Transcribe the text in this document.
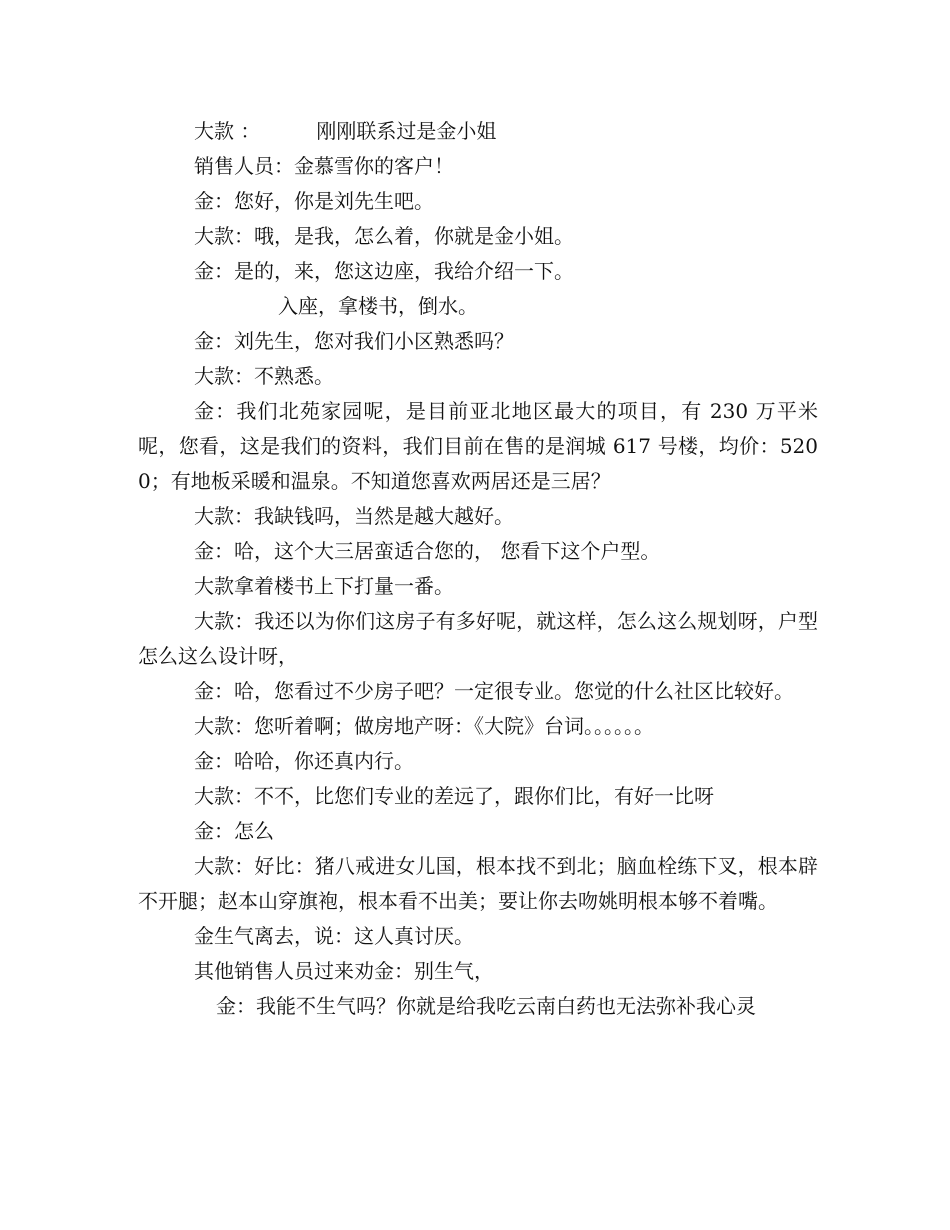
大款 ：	刚刚联系过是金小姐

销售人员：金慕雪你的客户！

金：您好，你是刘先生吧。

大款：哦，是我，怎么着，你就是金小姐。

金：是的，来，您这边座，我给介绍一下。

入座，拿楼书，倒水。

金：刘先生，您对我们小区熟悉吗？

大款：不熟悉。

金：我们北苑家园呢，是目前亚北地区最大的项目，有 230 万平米呢，您看，这是我们的资料，我们目前在售的是润城 617 号楼，均价：5200；有地板采暖和温泉。不知道您喜欢两居还是三居？

大款：我缺钱吗，当然是越大越好。

金：哈，这个大三居蛮适合您的， 您看下这个户型。

大款拿着楼书上下打量一番。

大款：我还以为你们这房子有多好呢，就这样，怎么这么规划呀，户型怎么这么设计呀，

金：哈，您看过不少房子吧？一定很专业。您觉的什么社区比较好。

大款：您听着啊；做房地产呀：《大院》台词。。。。。。

金：哈哈，你还真内行。

大款：不不，比您们专业的差远了，跟你们比，有好一比呀

金：怎么

大款：好比：猪八戒进女儿国，根本找不到北；脑血栓练下叉，根本辟不开腿；赵本山穿旗袍，根本看不出美；要让你去吻姚明根本够不着嘴。

金生气离去，说：这人真讨厌。

其他销售人员过来劝金：别生气，

金：我能不生气吗？你就是给我吃云南白药也无法弥补我心灵
